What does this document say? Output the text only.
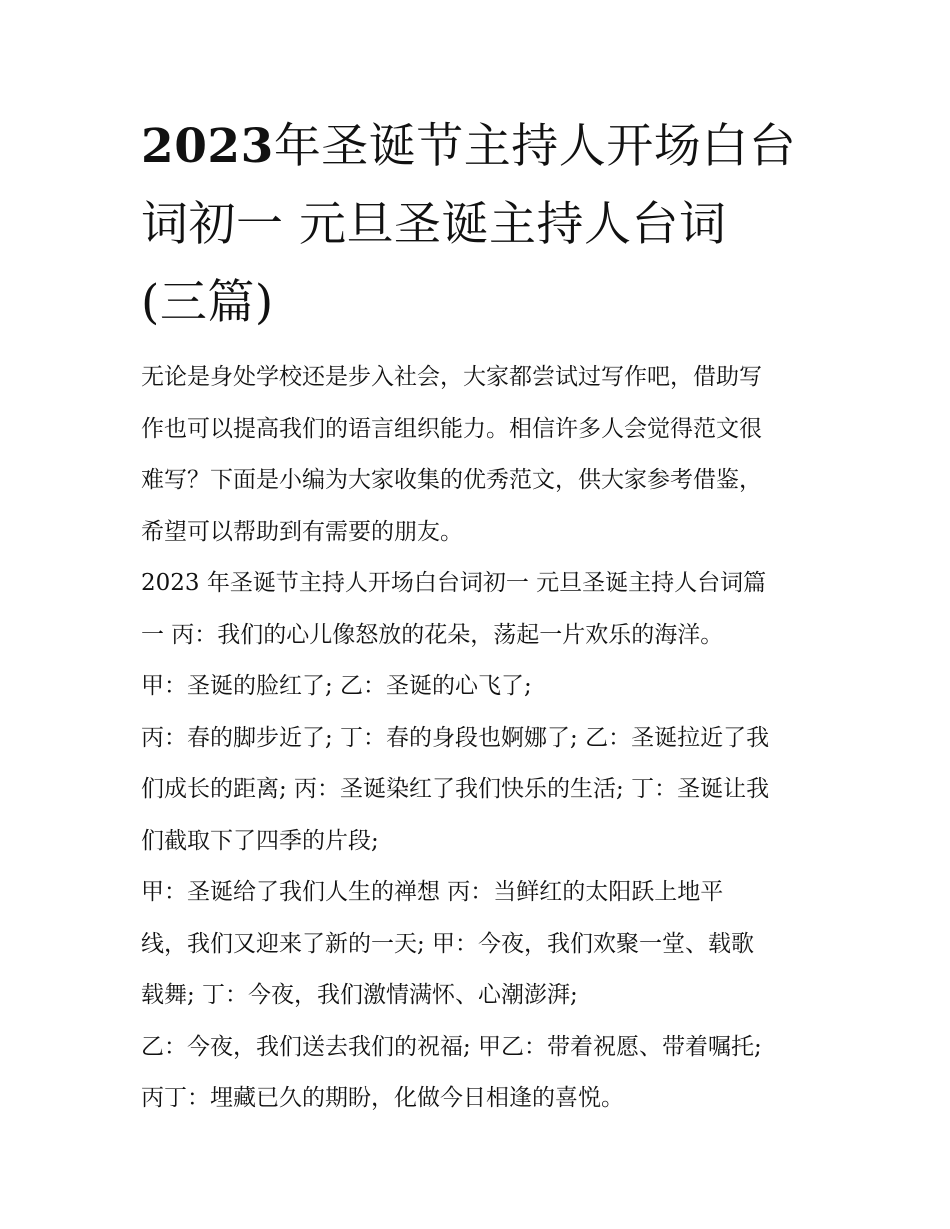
2023年圣诞节主持人开场白台
词初一 元旦圣诞主持人台词
(三篇)
无论是身处学校还是步入社会，大家都尝试过写作吧，借助写
作也可以提高我们的语言组织能力。相信许多人会觉得范文很
难写？下面是小编为大家收集的优秀范文，供大家参考借鉴，
希望可以帮助到有需要的朋友。
2023 年圣诞节主持人开场白台词初一 元旦圣诞主持人台词篇
一 丙：我们的心儿像怒放的花朵，荡起一片欢乐的海洋。
甲：圣诞的脸红了; 乙：圣诞的心飞了;
丙：春的脚步近了; 丁：春的身段也婀娜了; 乙：圣诞拉近了我
们成长的距离; 丙：圣诞染红了我们快乐的生活; 丁：圣诞让我
们截取下了四季的片段;
甲：圣诞给了我们人生的禅想 丙：当鲜红的太阳跃上地平
线，我们又迎来了新的一天; 甲：今夜，我们欢聚一堂、载歌
载舞; 丁：今夜，我们激情满怀、心潮澎湃;
乙：今夜，我们送去我们的祝福; 甲乙：带着祝愿、带着嘱托;
丙丁：埋藏已久的期盼，化做今日相逢的喜悦。
